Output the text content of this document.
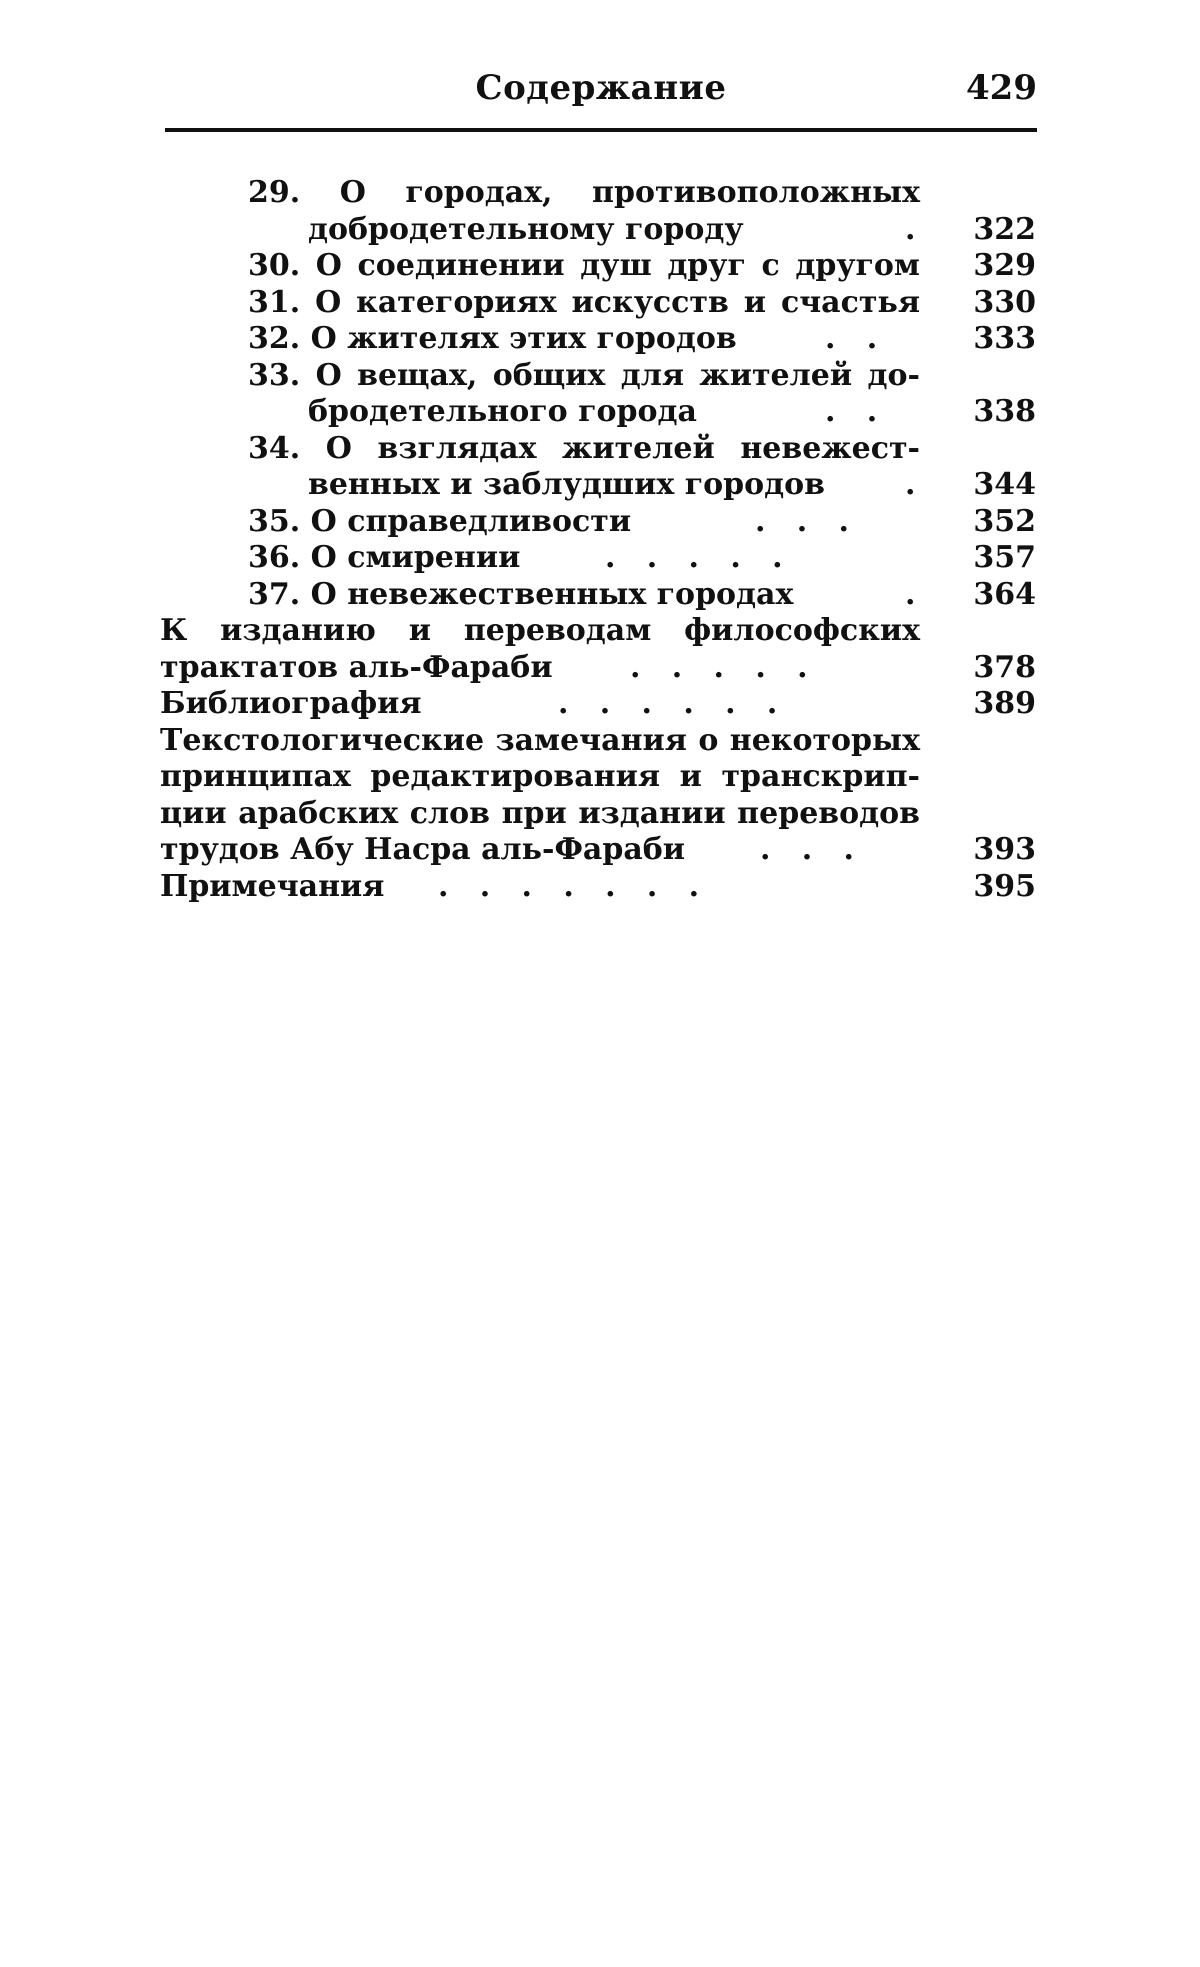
Содержание	429
29. О городах, противоположных
добродетельному городу	. 322
30. О соединении душ друг с другом 329
31. О категориях искусств и счастья 330
32. О жителях этих городов	.   .	333
33. О вещах, общих для жителей до-
бродетельного города	.   .	338
34. О взглядах жителей невежест-
венных и заблудших городов	. 344
35. О справедливости	.   .   .	352
36. О смирении	.   .   .   .   .	357
37. О невежественных городах	. 364
К изданию и переводам философских
трактатов аль-Фараби	.   .   .   .   .	378
Библиография	.   .   .   .   .   .	389
Текстологические замечания о некоторых
принципах редактирования и транскрип-
ции арабских слов при издании переводов
трудов Абу Насра аль-Фараби .   .   .	393
Примечания .   .   .   .   .   .   .	395
